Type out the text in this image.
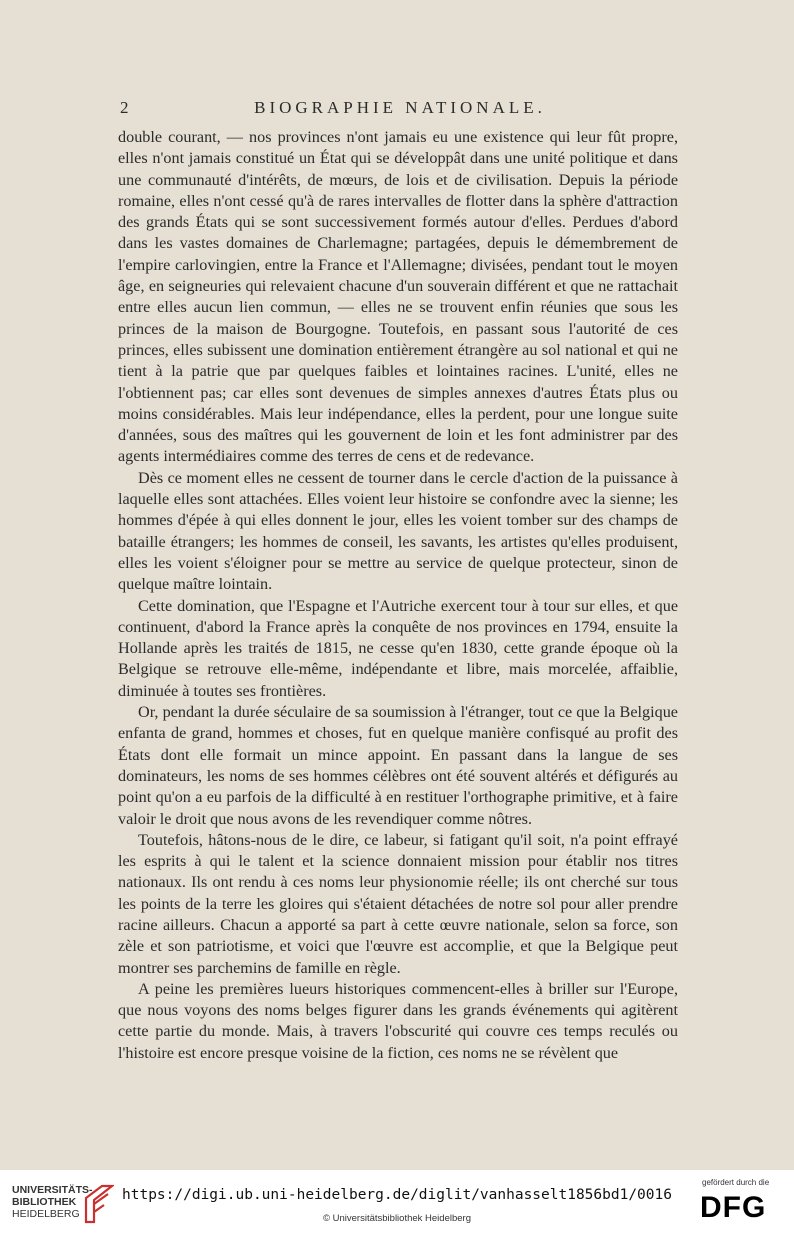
2	BIOGRAPHIE NATIONALE.

double courant, — nos provinces n'ont jamais eu une existence qui leur fût propre, elles n'ont jamais constitué un État qui se développât dans une unité politique et dans une communauté d'intérêts, de mœurs, de lois et de civilisation. Depuis la période romaine, elles n'ont cessé qu'à de rares intervalles de flotter dans la sphère d'attraction des grands États qui se sont successivement formés autour d'elles. Perdues d'abord dans les vastes domaines de Charlemagne; partagées, depuis le démembrement de l'empire carlovingien, entre la France et l'Allemagne; divisées, pendant tout le moyen âge, en seigneuries qui relevaient chacune d'un souverain différent et que ne rattachait entre elles aucun lien commun, — elles ne se trouvent enfin réunies que sous les princes de la maison de Bourgogne. Toutefois, en passant sous l'autorité de ces princes, elles subissent une domination entièrement étrangère au sol national et qui ne tient à la patrie que par quelques faibles et lointaines racines. L'unité, elles ne l'obtiennent pas; car elles sont devenues de simples annexes d'autres États plus ou moins considérables. Mais leur indépendance, elles la perdent, pour une longue suite d'années, sous des maîtres qui les gouvernent de loin et les font administrer par des agents intermédiaires comme des terres de cens et de redevance.

Dès ce moment elles ne cessent de tourner dans le cercle d'action de la puissance à laquelle elles sont attachées. Elles voient leur histoire se confondre avec la sienne; les hommes d'épée à qui elles donnent le jour, elles les voient tomber sur des champs de bataille étrangers; les hommes de conseil, les savants, les artistes qu'elles produisent, elles les voient s'éloigner pour se mettre au service de quelque protecteur, sinon de quelque maître lointain.

Cette domination, que l'Espagne et l'Autriche exercent tour à tour sur elles, et que continuent, d'abord la France après la conquête de nos provinces en 1794, ensuite la Hollande après les traités de 1815, ne cesse qu'en 1830, cette grande époque où la Belgique se retrouve elle-même, indépendante et libre, mais morcelée, affaiblie, diminuée à toutes ses frontières.

Or, pendant la durée séculaire de sa soumission à l'étranger, tout ce que la Belgique enfanta de grand, hommes et choses, fut en quelque manière confisqué au profit des États dont elle formait un mince appoint. En passant dans la langue de ses dominateurs, les noms de ses hommes célèbres ont été souvent altérés et défigurés au point qu'on a eu parfois de la difficulté à en restituer l'orthographe primitive, et à faire valoir le droit que nous avons de les revendiquer comme nôtres.

Toutefois, hâtons-nous de le dire, ce labeur, si fatigant qu'il soit, n'a point effrayé les esprits à qui le talent et la science donnaient mission pour établir nos titres nationaux. Ils ont rendu à ces noms leur physionomie réelle; ils ont cherché sur tous les points de la terre les gloires qui s'étaient détachées de notre sol pour aller prendre racine ailleurs. Chacun a apporté sa part à cette œuvre nationale, selon sa force, son zèle et son patriotisme, et voici que l'œuvre est accomplie, et que la Belgique peut montrer ses parchemins de famille en règle.

A peine les premières lueurs historiques commencent-elles à briller sur l'Europe, que nous voyons des noms belges figurer dans les grands événements qui agitèrent cette partie du monde. Mais, à travers l'obscurité qui couvre ces temps reculés ou l'histoire est encore presque voisine de la fiction, ces noms ne se révèlent que

UNIVERSITÄTS-
BIBLIOTHEK
HEIDELBERG
https://digi.ub.uni-heidelberg.de/diglit/vanhasselt1856bd1/0016
© Universitätsbibliothek Heidelberg
gefördert durch die
DFG
